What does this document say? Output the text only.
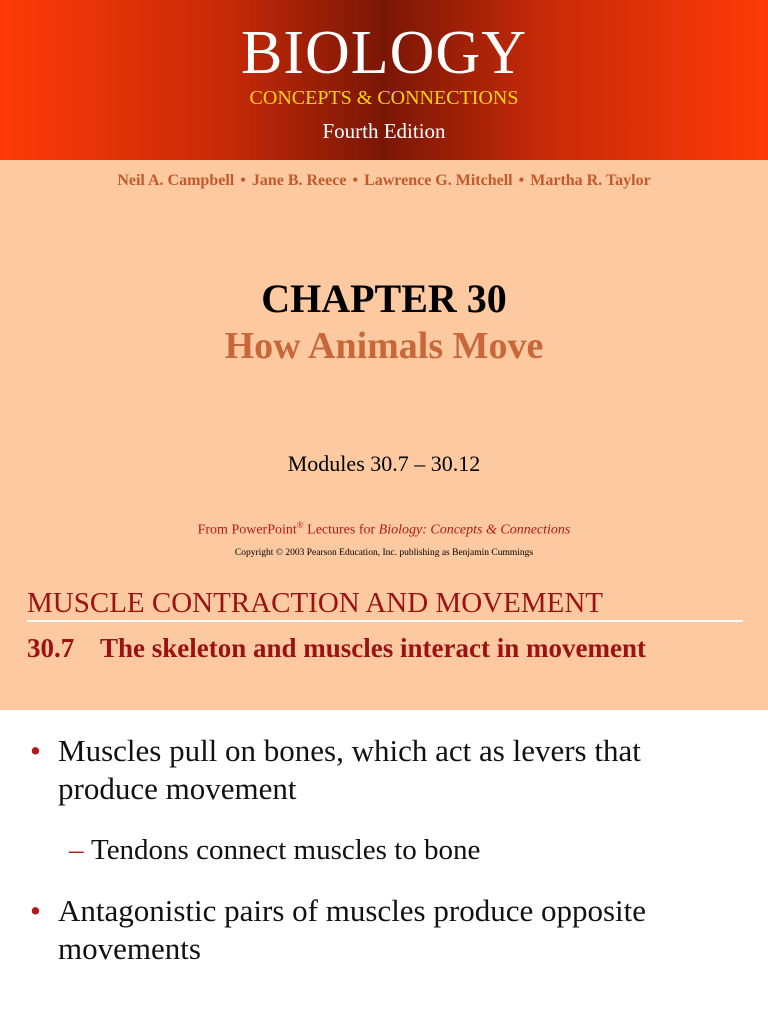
BIOLOGY
CONCEPTS & CONNECTIONS
Fourth Edition
Neil A. Campbell • Jane B. Reece • Lawrence G. Mitchell • Martha R. Taylor
CHAPTER 30
How Animals Move
Modules 30.7 – 30.12
From PowerPoint® Lectures for Biology: Concepts & Connections
Copyright © 2003 Pearson Education, Inc. publishing as Benjamin Cummings
MUSCLE CONTRACTION AND MOVEMENT
30.7 The skeleton and muscles interact in movement
• Muscles pull on bones, which act as levers that produce movement
– Tendons connect muscles to bone
• Antagonistic pairs of muscles produce opposite movements
